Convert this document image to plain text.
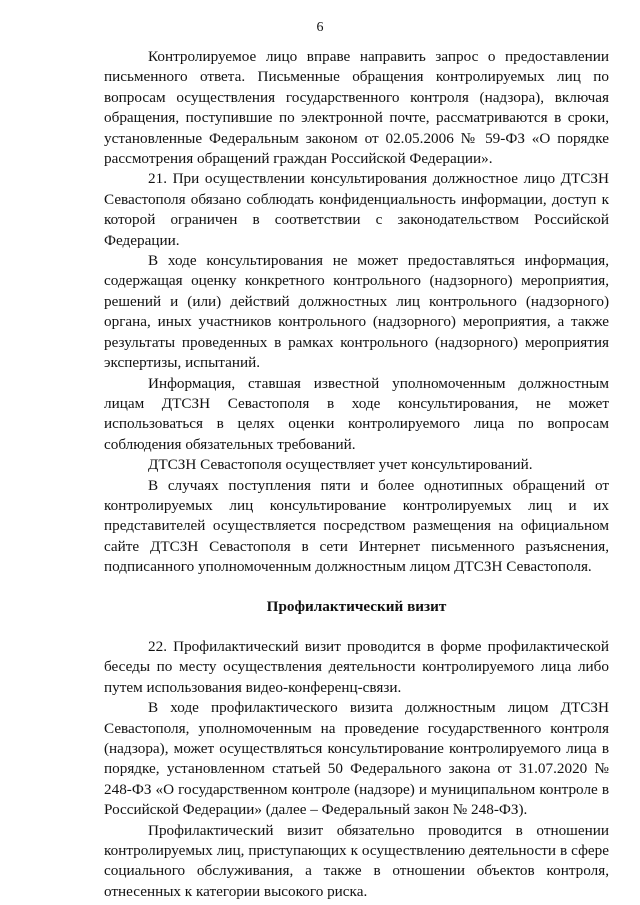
6

Контролируемое лицо вправе направить запрос о предоставлении письменного ответа. Письменные обращения контролируемых лиц по вопросам осуществления государственного контроля (надзора), включая обращения, поступившие по электронной почте, рассматриваются в сроки, установленные Федеральным законом от 02.05.2006 № 59-ФЗ «О порядке рассмотрения обращений граждан Российской Федерации».

21. При осуществлении консультирования должностное лицо ДТСЗН Севастополя обязано соблюдать конфиденциальность информации, доступ к которой ограничен в соответствии с законодательством Российской Федерации.

В ходе консультирования не может предоставляться информация, содержащая оценку конкретного контрольного (надзорного) мероприятия, решений и (или) действий должностных лиц контрольного (надзорного) органа, иных участников контрольного (надзорного) мероприятия, а также результаты проведенных в рамках контрольного (надзорного) мероприятия экспертизы, испытаний.

Информация, ставшая известной уполномоченным должностным лицам ДТСЗН Севастополя в ходе консультирования, не может использоваться в целях оценки контролируемого лица по вопросам соблюдения обязательных требований.

ДТСЗН Севастополя осуществляет учет консультирований.

В случаях поступления пяти и более однотипных обращений от контролируемых лиц консультирование контролируемых лиц и их представителей осуществляется посредством размещения на официальном сайте ДТСЗН Севастополя в сети Интернет письменного разъяснения, подписанного уполномоченным должностным лицом ДТСЗН Севастополя.

Профилактический визит

22. Профилактический визит проводится в форме профилактической беседы по месту осуществления деятельности контролируемого лица либо путем использования видео-конференц-связи.

В ходе профилактического визита должностным лицом ДТСЗН Севастополя, уполномоченным на проведение государственного контроля (надзора), может осуществляться консультирование контролируемого лица в порядке, установленном статьей 50 Федерального закона от 31.07.2020 № 248-ФЗ «О государственном контроле (надзоре) и муниципальном контроле в Российской Федерации» (далее – Федеральный закон № 248-ФЗ).

Профилактический визит обязательно проводится в отношении контролируемых лиц, приступающих к осуществлению деятельности в сфере социального обслуживания, а также в отношении объектов контроля, отнесенных к категории высокого риска.
